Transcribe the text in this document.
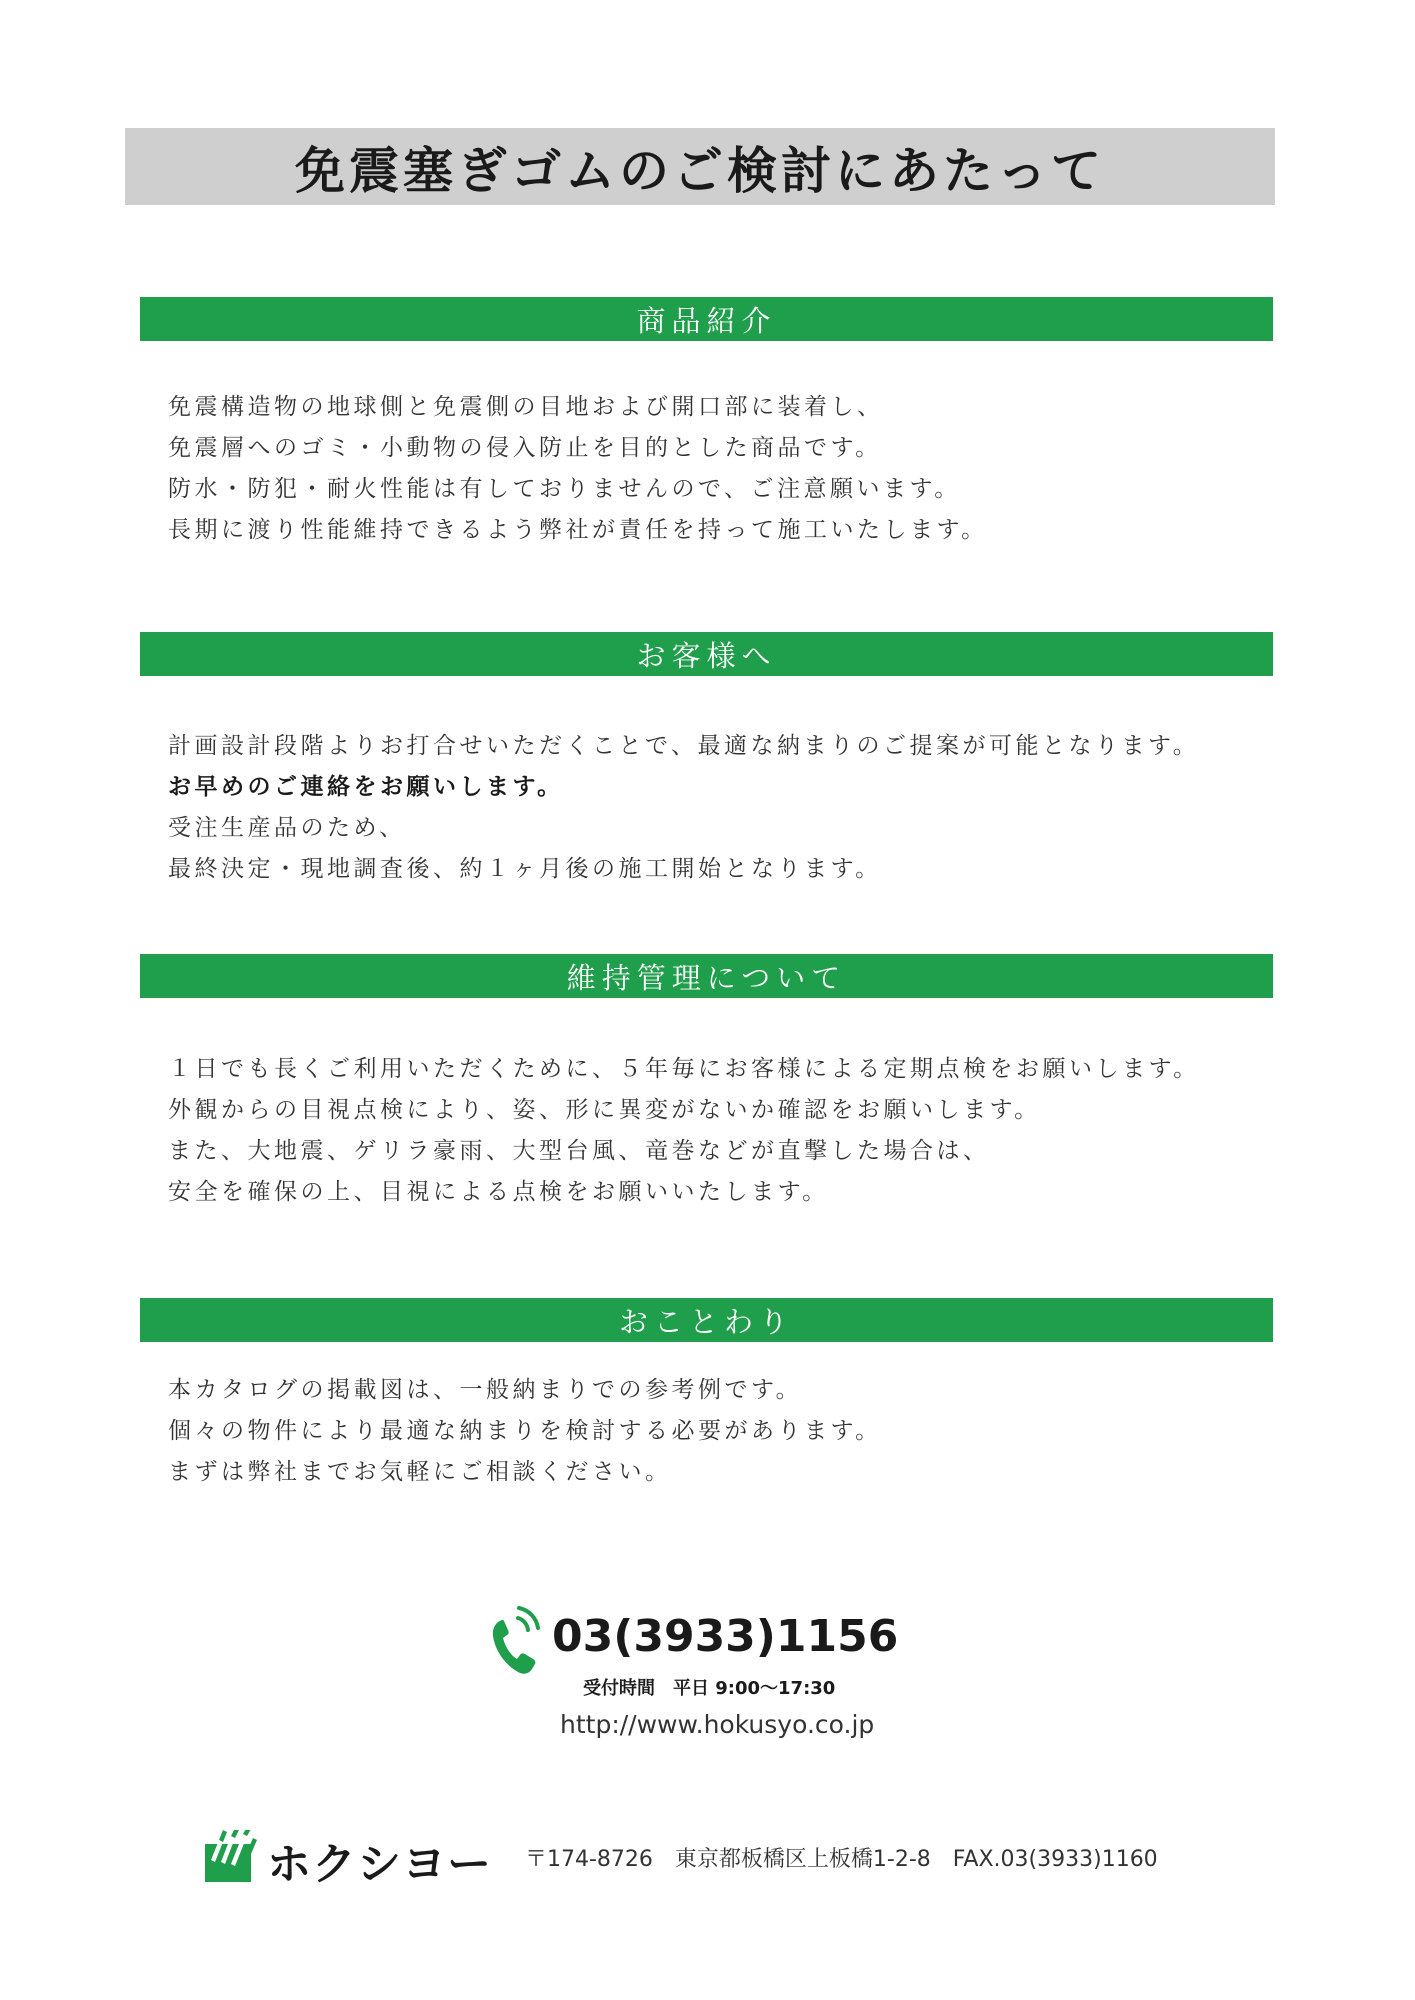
免震塞ぎゴムのご検討にあたって
商品紹介
免震構造物の地球側と免震側の目地および開口部に装着し、
免震層へのゴミ・小動物の侵入防止を目的とした商品です。
防水・防犯・耐火性能は有しておりませんので、ご注意願います。
長期に渡り性能維持できるよう弊社が責任を持って施工いたします。
お客様へ
計画設計段階よりお打合せいただくことで、最適な納まりのご提案が可能となります。
お早めのご連絡をお願いします。
受注生産品のため、
最終決定・現地調査後、約１ヶ月後の施工開始となります。
維持管理について
１日でも長くご利用いただくために、５年毎にお客様による定期点検をお願いします。
外観からの目視点検により、姿、形に異変がないか確認をお願いします。
また、大地震、ゲリラ豪雨、大型台風、竜巻などが直撃した場合は、
安全を確保の上、目視による点検をお願いいたします。
おことわり
本カタログの掲載図は、一般納まりでの参考例です。
個々の物件により最適な納まりを検討する必要があります。
まずは弊社までお気軽にご相談ください。
03(3933)1156
受付時間 平日 9:00～17:30
http://www.hokusyo.co.jp
ホクシヨー 〒174-8726 東京都板橋区上板橋1-2-8 FAX.03(3933)1160
